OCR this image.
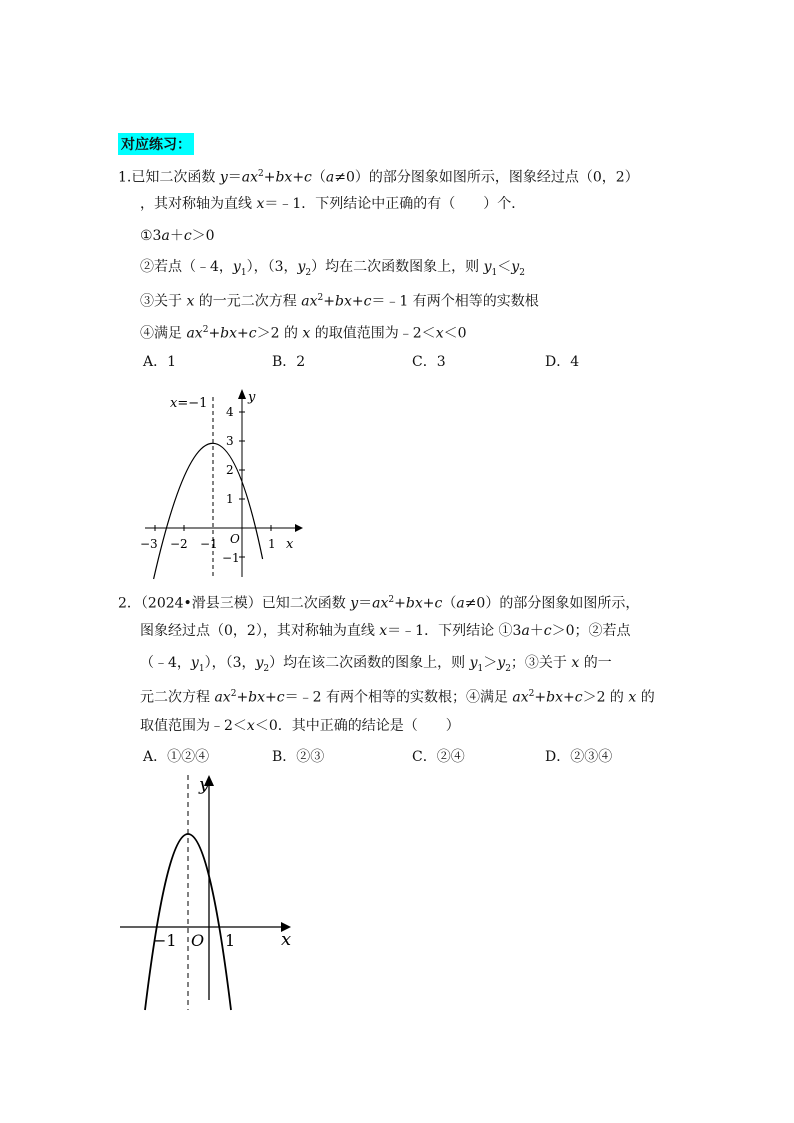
对应练习：
1.已知二次函数 $y=ax^2+bx+c(a\ne 0)$的部分图象如图所示，图象经过点（0，2）
，其对称轴为直线 x＝﹣1．下列结论中正确的有（　　）个．
①3a＋c＞0
②若点（﹣4，$y_1$），（3，$y_2$）均在二次函数图象上，则 $y_1<y_2$
③关于 x 的一元二次方程 $ax^2+bx+c=﹣1$ 有两个相等的实数根
④满足 $ax^2+bx+c>2$ 的 x 的取值范围为﹣2＜x＜0
A．1	B．2	C．3	D．4
x=−1	y
x
O
4
3
2
1
−1
−3 −2 −1	1
2．（2024•滑县三模）已知二次函数 $y=ax^2+bx+c(a\ne 0)$的部分图象如图所示，
图象经过点（0，2），其对称轴为直线 x＝﹣1．下列结论 ①3a＋c＞0；②若点
（﹣4，$y_1$），（3，$y_2$）均在该二次函数的图象上，则 $y_1>y_2$；③关于 x 的一
元二次方程 $ax^2+bx+c=﹣2$ 有两个相等的实数根；④满足 $ax^2+bx+c>2$ 的 x 的
取值范围为﹣2＜x＜0．其中正确的结论是（　　）
A．①②④	B．②③	C．②④	D．②③④
y
x
O
−1	1
